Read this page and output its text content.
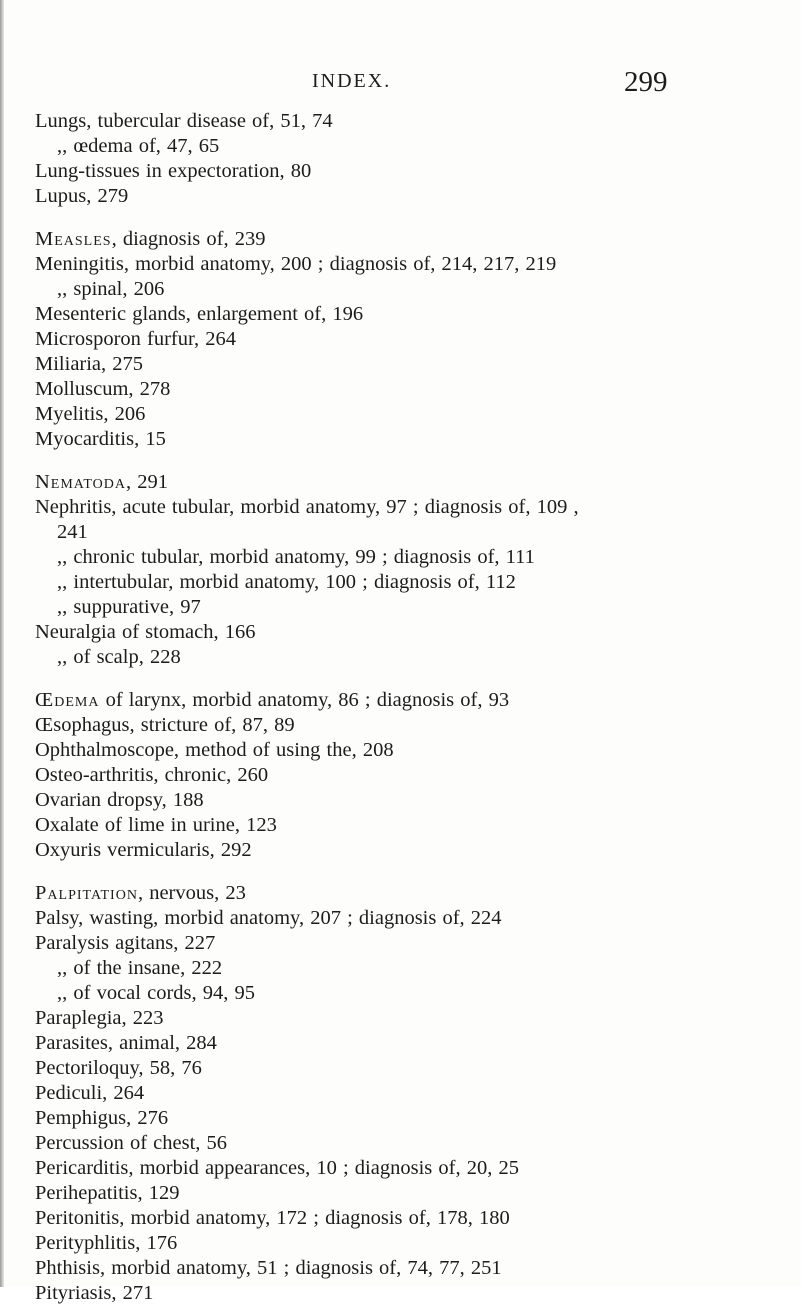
INDEX.	299
Lungs, tubercular disease of, 51, 74
,, œdema of, 47, 65
Lung-tissues in expectoration, 80
Lupus, 279
Measles, diagnosis of, 239
Meningitis, morbid anatomy, 200 ; diagnosis of, 214, 217, 219
,, spinal, 206
Mesenteric glands, enlargement of, 196
Microsporon furfur, 264
Miliaria, 275
Molluscum, 278
Myelitis, 206
Myocarditis, 15
Nematoda, 291
Nephritis, acute tubular, morbid anatomy, 97 ; diagnosis of, 109 ,
241
,, chronic tubular, morbid anatomy, 99 ; diagnosis of, 111
,, intertubular, morbid anatomy, 100 ; diagnosis of, 112
,, suppurative, 97
Neuralgia of stomach, 166
,, of scalp, 228
Œdema of larynx, morbid anatomy, 86 ; diagnosis of, 93
Œsophagus, stricture of, 87, 89
Ophthalmoscope, method of using the, 208
Osteo-arthritis, chronic, 260
Ovarian dropsy, 188
Oxalate of lime in urine, 123
Oxyuris vermicularis, 292
Palpitation, nervous, 23
Palsy, wasting, morbid anatomy, 207 ; diagnosis of, 224
Paralysis agitans, 227
,, of the insane, 222
,, of vocal cords, 94, 95
Paraplegia, 223
Parasites, animal, 284
Pectoriloquy, 58, 76
Pediculi, 264
Pemphigus, 276
Percussion of chest, 56
Pericarditis, morbid appearances, 10 ; diagnosis of, 20, 25
Perihepatitis, 129
Peritonitis, morbid anatomy, 172 ; diagnosis of, 178, 180
Perityphlitis, 176
Phthisis, morbid anatomy, 51 ; diagnosis of, 74, 77, 251
Pityriasis, 271
